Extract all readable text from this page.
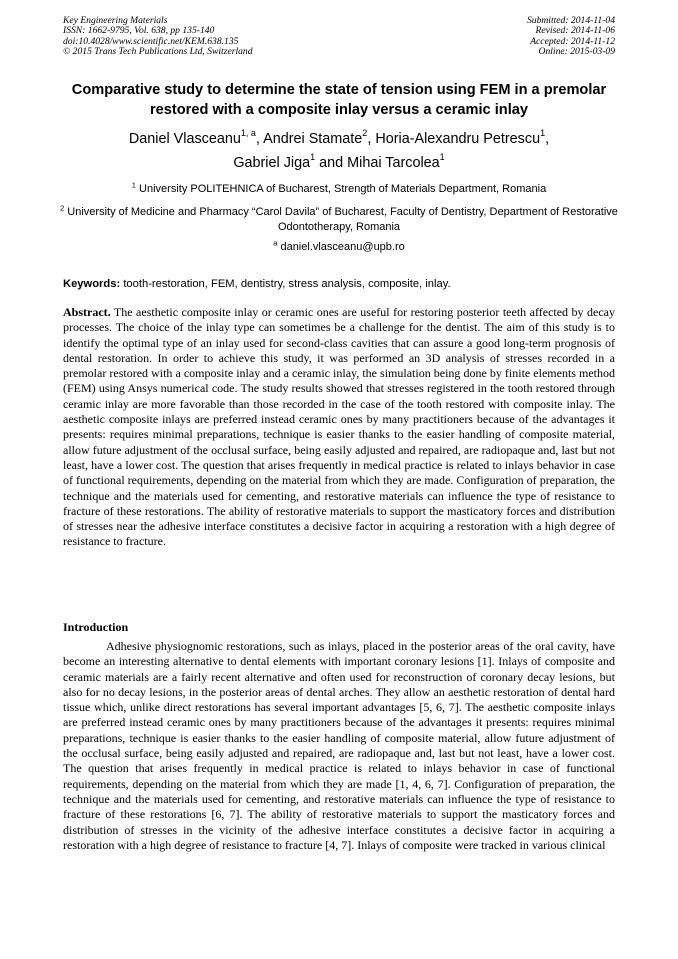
Key Engineering Materials
ISSN: 1662-9795, Vol. 638, pp 135-140
doi:10.4028/www.scientific.net/KEM.638.135
© 2015 Trans Tech Publications Ltd, Switzerland
Submitted: 2014-11-04
Revised: 2014-11-06
Accepted: 2014-11-12
Online: 2015-03-09
Comparative study to determine the state of tension using FEM in a premolar restored with a composite inlay versus a ceramic inlay
Daniel Vlasceanu$^{1, a}$, Andrei Stamate$^2$, Horia-Alexandru Petrescu$^1$,
Gabriel Jiga$^1$ and Mihai Tarcolea$^1$
$^1$ University POLITEHNICA of Bucharest, Strength of Materials Department, Romania
$^2$ University of Medicine and Pharmacy “Carol Davila” of Bucharest, Faculty of Dentistry, Department of Restorative Odontotherapy, Romania
$^a$ daniel.vlasceanu@upb.ro
Keywords: tooth-restoration, FEM, dentistry, stress analysis, composite, inlay.
Abstract. The aesthetic composite inlay or ceramic ones are useful for restoring posterior teeth affected by decay processes. The choice of the inlay type can sometimes be a challenge for the dentist. The aim of this study is to identify the optimal type of an inlay used for second-class cavities that can assure a good long-term prognosis of dental restoration. In order to achieve this study, it was performed an 3D analysis of stresses recorded in a premolar restored with a composite inlay and a ceramic inlay, the simulation being done by finite elements method (FEM) using Ansys numerical code. The study results showed that stresses registered in the tooth restored through ceramic inlay are more favorable than those recorded in the case of the tooth restored with composite inlay. The aesthetic composite inlays are preferred instead ceramic ones by many practitioners because of the advantages it presents: requires minimal preparations, technique is easier thanks to the easier handling of composite material, allow future adjustment of the occlusal surface, being easily adjusted and repaired, are radiopaque and, last but not least, have a lower cost. The question that arises frequently in medical practice is related to inlays behavior in case of functional requirements, depending on the material from which they are made. Configuration of preparation, the technique and the materials used for cementing, and restorative materials can influence the type of resistance to fracture of these restorations. The ability of restorative materials to support the masticatory forces and distribution of stresses near the adhesive interface constitutes a decisive factor in acquiring a restoration with a high degree of resistance to fracture.
Introduction
Adhesive physiognomic restorations, such as inlays, placed in the posterior areas of the oral cavity, have become an interesting alternative to dental elements with important coronary lesions [1]. Inlays of composite and ceramic materials are a fairly recent alternative and often used for reconstruction of coronary decay lesions, but also for no decay lesions, in the posterior areas of dental arches. They allow an aesthetic restoration of dental hard tissue which, unlike direct restorations has several important advantages [5, 6, 7]. The aesthetic composite inlays are preferred instead ceramic ones by many practitioners because of the advantages it presents: requires minimal preparations, technique is easier thanks to the easier handling of composite material, allow future adjustment of the occlusal surface, being easily adjusted and repaired, are radiopaque and, last but not least, have a lower cost. The question that arises frequently in medical practice is related to inlays behavior in case of functional requirements, depending on the material from which they are made [1, 4, 6, 7]. Configuration of preparation, the technique and the materials used for cementing, and restorative materials can influence the type of resistance to fracture of these restorations [6, 7]. The ability of restorative materials to support the masticatory forces and distribution of stresses in the vicinity of the adhesive interface constitutes a decisive factor in acquiring a restoration with a high degree of resistance to fracture [4, 7]. Inlays of composite were tracked in various clinical
